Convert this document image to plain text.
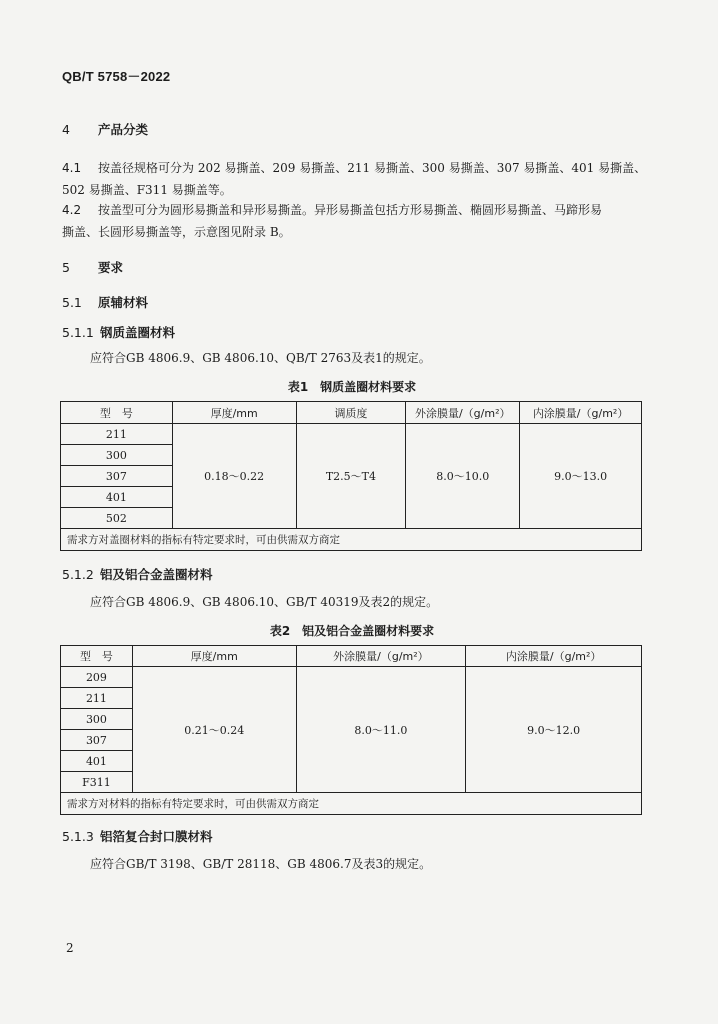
QB/T 5758－2022
4 产品分类
4.1 按盖径规格可分为 202 易撕盖、209 易撕盖、211 易撕盖、300 易撕盖、307 易撕盖、401 易撕盖、
502 易撕盖、F311 易撕盖等。
4.2 按盖型可分为圆形易撕盖和异形易撕盖。异形易撕盖包括方形易撕盖、椭圆形易撕盖、马蹄形易
撕盖、长圆形易撕盖等，示意图见附录 B。
5 要求
5.1 原辅材料
5.1.1 钢质盖圈材料
应符合GB 4806.9、GB 4806.10、QB/T 2763及表1的规定。
表1　钢质盖圈材料要求
型　号	厚度/mm	调质度	外涂膜量/（g/m²）	内涂膜量/（g/m²）
211	0.18～0.22	T2.5～T4	8.0～10.0	9.0～13.0
300				
307				
401				
502				
需求方对盖圈材料的指标有特定要求时，可由供需双方商定				
5.1.2 铝及铝合金盖圈材料
应符合GB 4806.9、GB 4806.10、GB/T 40319及表2的规定。
表2　铝及铝合金盖圈材料要求
型　号	厚度/mm	外涂膜量/（g/m²）	内涂膜量/（g/m²）
209	0.21～0.24	8.0～11.0	9.0～12.0
211			
300			
307			
401			
F311			
需求方对材料的指标有特定要求时，可由供需双方商定			
5.1.3 铝箔复合封口膜材料
应符合GB/T 3198、GB/T 28118、GB 4806.7及表3的规定。
2
